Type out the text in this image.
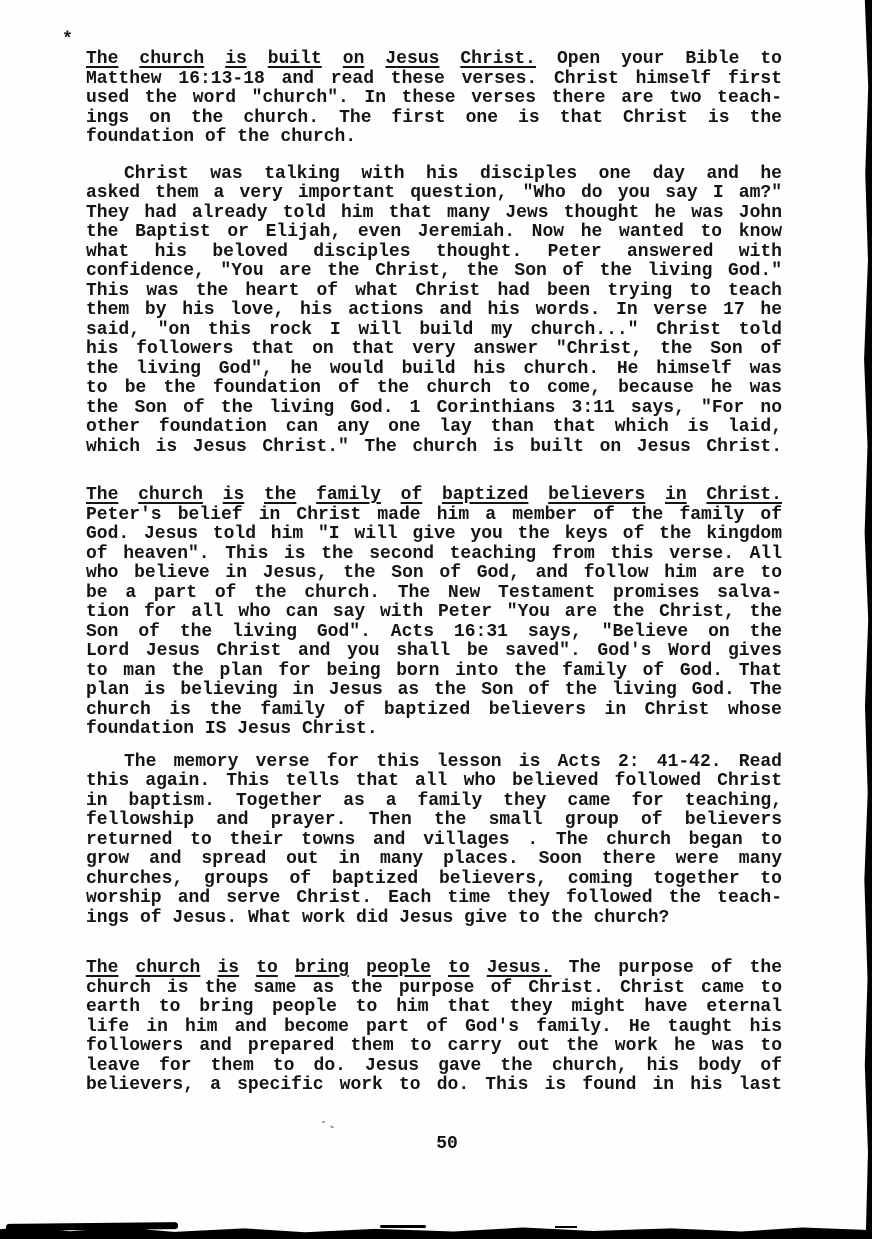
*
The church is built on Jesus Christ. Open your Bible to
Matthew 16:13-18 and read these verses. Christ himself first
used the word "church". In these verses there are two teach-
ings on the church. The first one is that Christ is the
foundation of the church.
Christ was talking with his disciples one day and he
asked them a very important question, "Who do you say I am?"
They had already told him that many Jews thought he was John
the Baptist or Elijah, even Jeremiah. Now he wanted to know
what his beloved disciples thought. Peter answered with
confidence, "You are the Christ, the Son of the living God."
This was the heart of what Christ had been trying to teach
them by his love, his actions and his words. In verse 17 he
said, "on this rock I will build my church..." Christ told
his followers that on that very answer "Christ, the Son of
the living God", he would build his church. He himself was
to be the foundation of the church to come, because he was
the Son of the living God. 1 Corinthians 3:11 says, "For no
other foundation can any one lay than that which is laid,
which is Jesus Christ." The church is built on Jesus Christ.
The church is the family of baptized believers in Christ.
Peter's belief in Christ made him a member of the family of
God. Jesus told him "I will give you the keys of the kingdom
of heaven". This is the second teaching from this verse. All
who believe in Jesus, the Son of God, and follow him are to
be a part of the church. The New Testament promises salva-
tion for all who can say with Peter "You are the Christ, the
Son of the living God". Acts 16:31 says, "Believe on the
Lord Jesus Christ and you shall be saved". God's Word gives
to man the plan for being born into the family of God. That
plan is believing in Jesus as the Son of the living God. The
church is the family of baptized believers in Christ whose
foundation IS Jesus Christ.
The memory verse for this lesson is Acts 2: 41-42. Read
this again. This tells that all who believed followed Christ
in baptism. Together as a family they came for teaching,
fellowship and prayer. Then the small group of believers
returned to their towns and villages . The church began to
grow and spread out in many places. Soon there were many
churches, groups of baptized believers, coming together to
worship and serve Christ. Each time they followed the teach-
ings of Jesus. What work did Jesus give to the church?
The church is to bring people to Jesus. The purpose of the
church is the same as the purpose of Christ. Christ came to
earth to bring people to him that they might have eternal
life in him and become part of God's family. He taught his
followers and prepared them to carry out the work he was to
leave for them to do. Jesus gave the church, his body of
believers, a specific work to do. This is found in his last
50
